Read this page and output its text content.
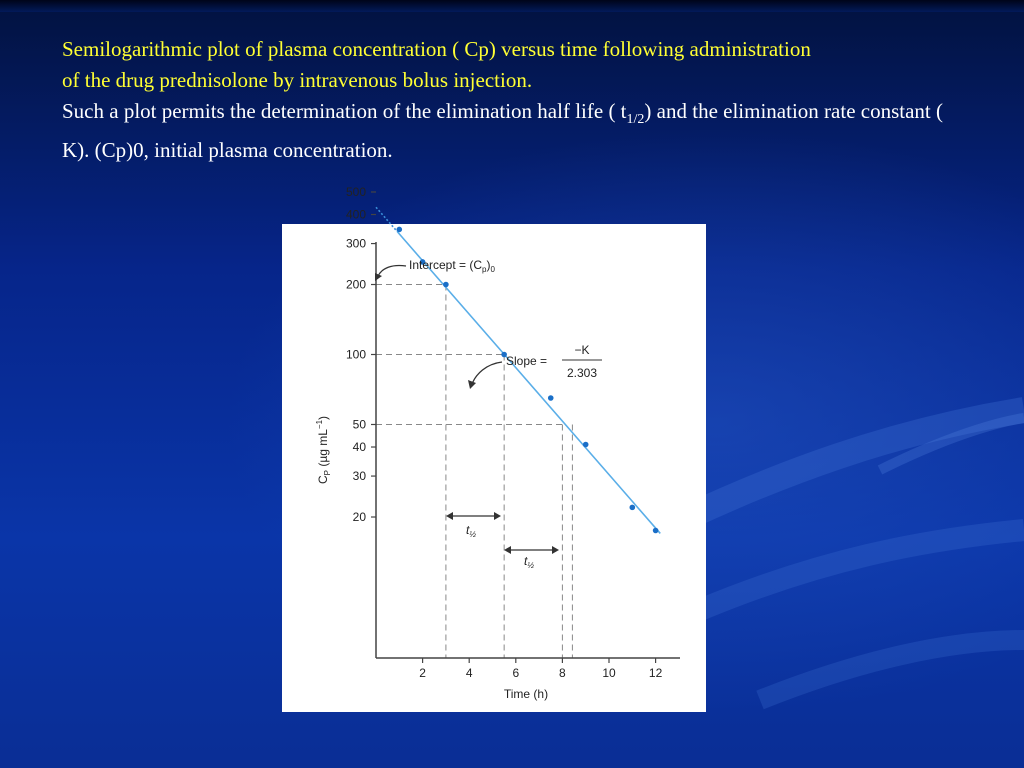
Semilogarithmic plot of plasma concentration ( Cp) versus time following administration
of the drug prednisolone by intravenous bolus injection.
Such a plot permits the determination of the elimination half life ( $t_{1/2}$) and the elimination rate constant ( K). (Cp)0, initial plasma concentration.
20
30
40
50
100
200
300
400
500
2	4	6	8	10	12
Time (h)
$C_P$ (µg $mL^{-1}$)
Intercept = $(C_p)_0$
Slope =
−K
2.303
$t_{\frac{1}{2}}$
$t_{\frac{1}{2}}$
